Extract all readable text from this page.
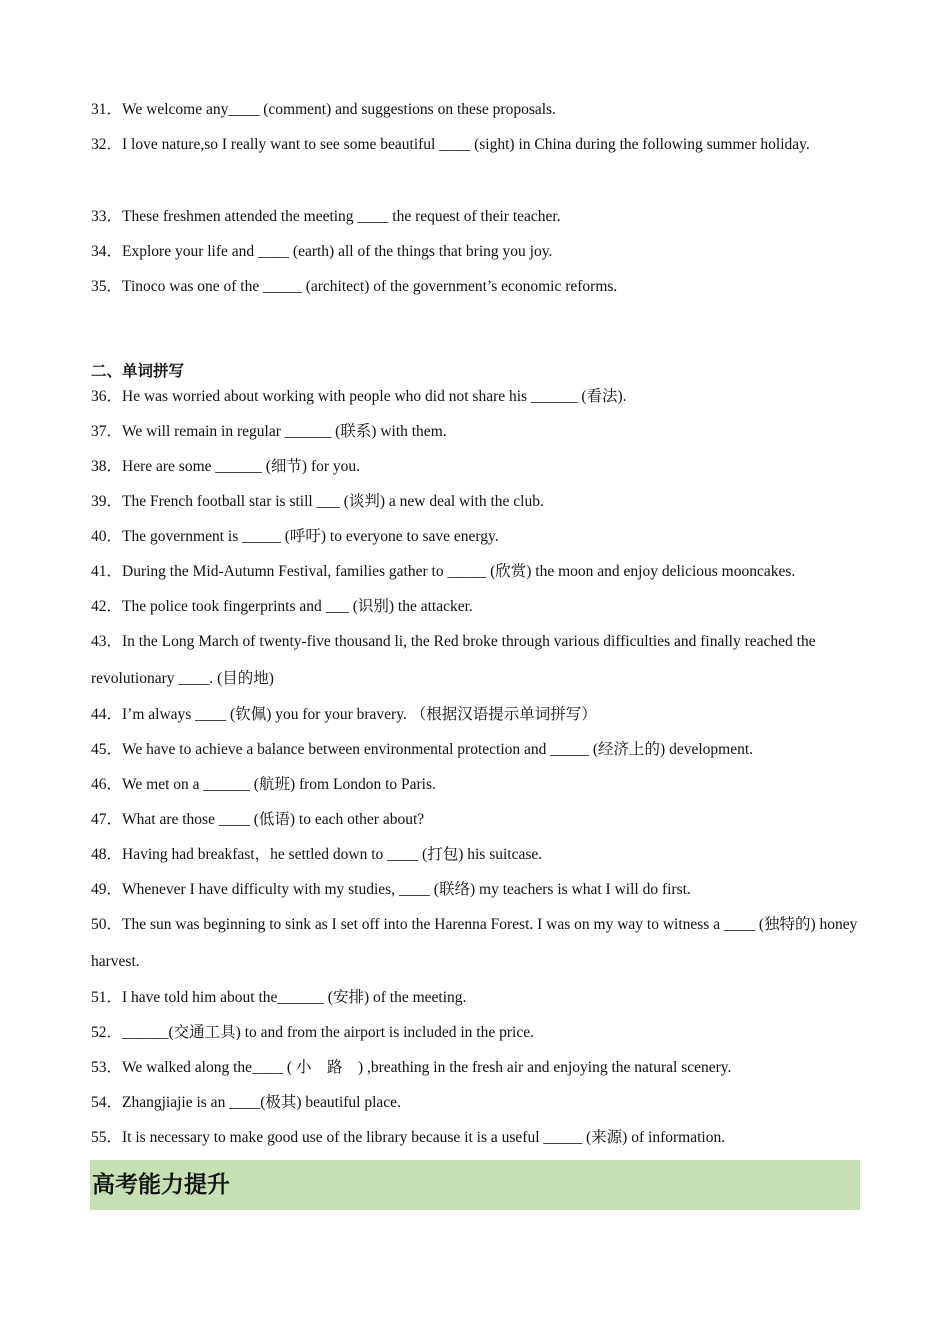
31．We welcome any____ (comment) and suggestions on these proposals.
32．I love nature,so I really want to see some beautiful ____ (sight) in China during the following summer holiday.
33．These freshmen attended the meeting ____ the request of their teacher.
34．Explore your life and ____ (earth) all of the things that bring you joy.
35．Tinoco was one of the _____ (architect) of the government’s economic reforms.
二、单词拼写
36．He was worried about working with people who did not share his ______ (看法).
37．We will remain in regular ______ (联系) with them.
38．Here are some ______ (细节) for you.
39．The French football star is still ___ (谈判) a new deal with the club.
40．The government is _____ (呼吁) to everyone to save energy.
41．During the Mid-Autumn Festival, families gather to _____ (欣赏) the moon and enjoy delicious mooncakes.
42．The police took fingerprints and ___ (识别) the attacker.
43．In the Long March of twenty-five thousand li, the Red broke through various difficulties and finally reached the revolutionary ____. (目的地)
44．I’m always ____ (钦佩) you for your bravery. （根据汉语提示单词拼写）
45．We have to achieve a balance between environmental protection and _____ (经济上的) development.
46．We met on a ______ (航班) from London to Paris.
47．What are those ____ (低语) to each other about?
48．Having had breakfast，he settled down to ____ (打包) his suitcase.
49．Whenever I have difficulty with my studies, ____ (联络) my teachers is what I will do first.
50．The sun was beginning to sink as I set off into the Harenna Forest. I was on my way to witness a ____ (独特的) honey harvest.
51．I have told him about the______ (安排) of the meeting.
52．______(交通工具) to and from the airport is included in the price.
53．We walked along the____ ( 小　路　) ,breathing in the fresh air and enjoying the natural scenery.
54．Zhangjiajie is an ____(极其) beautiful place.
55．It is necessary to make good use of the library because it is a useful _____ (来源) of information.
高考能力提升
